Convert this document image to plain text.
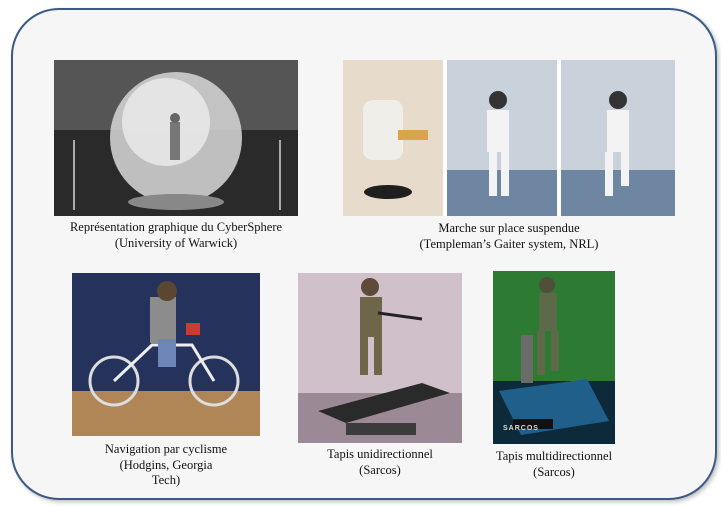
Représentation graphique du CyberSphere
(University of Warwick)
Marche sur place suspendue
(Templeman’s Gaiter system, NRL)
Navigation par cyclisme
(Hodgins, Georgia
Tech)
Tapis unidirectionnel
(Sarcos)
SARCOS
Tapis multidirectionnel
(Sarcos)
